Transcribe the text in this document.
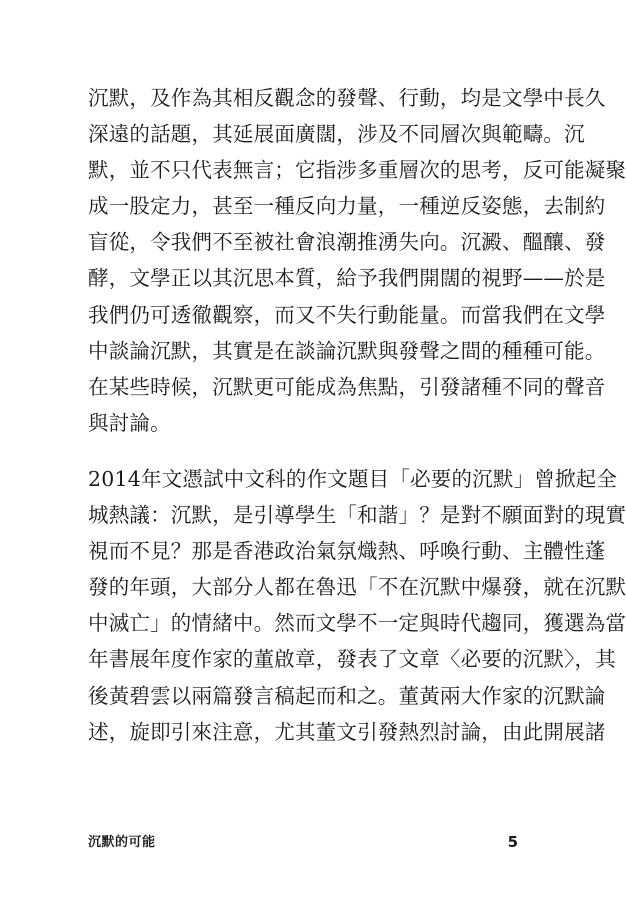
沉默，及作為其相反觀念的發聲、行動，均是文學中長久
深遠的話題，其延展面廣闊，涉及不同層次與範疇。沉
默，並不只代表無言；它指涉多重層次的思考，反可能凝聚
成一股定力，甚至一種反向力量，一種逆反姿態，去制約
盲從，令我們不至被社會浪潮推湧失向。沉澱、醞釀、發
酵，文學正以其沉思本質，給予我們開闊的視野——於是
我們仍可透徹觀察，而又不失行動能量。而當我們在文學
中談論沉默，其實是在談論沉默與發聲之間的種種可能。
在某些時候，沉默更可能成為焦點，引發諸種不同的聲音
與討論。
2014年文憑試中文科的作文題目「必要的沉默」曾掀起全
城熱議：沉默，是引導學生「和諧」？是對不願面對的現實
視而不見？那是香港政治氣氛熾熱、呼喚行動、主體性蓬
發的年頭，大部分人都在魯迅「不在沉默中爆發，就在沉默
中滅亡」的情緒中。然而文學不一定與時代趨同，獲選為當
年書展年度作家的董啟章，發表了文章〈必要的沉默〉，其
後黃碧雲以兩篇發言稿起而和之。董黃兩大作家的沉默論
述，旋即引來注意，尤其董文引發熱烈討論，由此開展諸
沉默的可能	5
